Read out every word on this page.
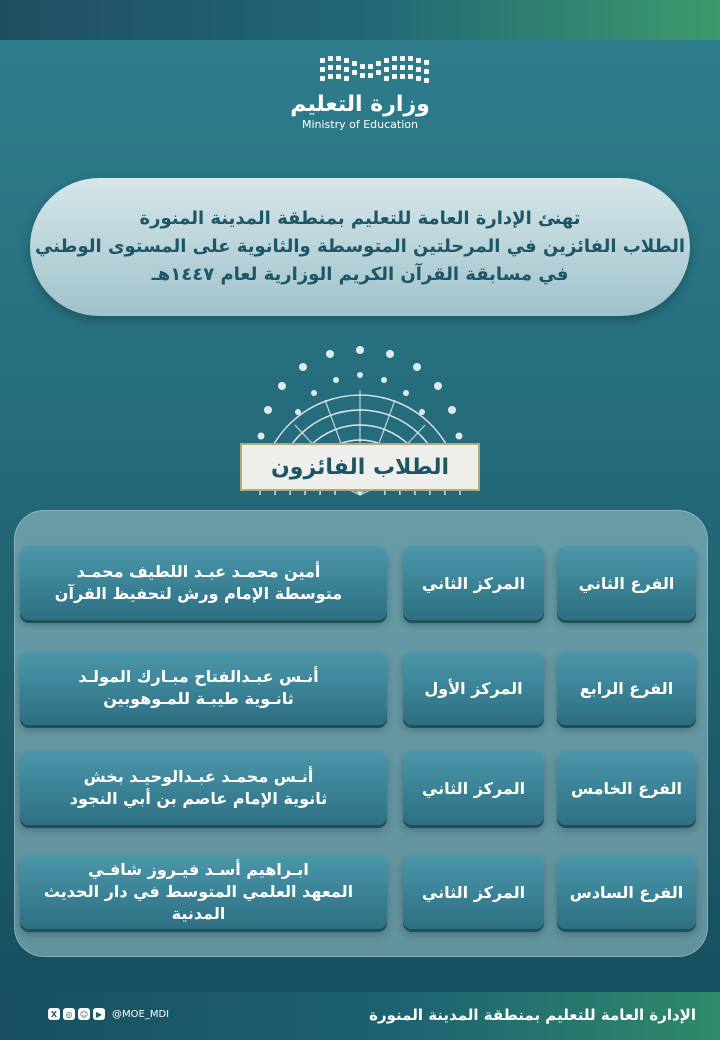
وزارة التعليم
Ministry of Education
تهنئ الإدارة العامة للتعليم بمنطقة المدينة المنورة
الطلاب الفائزين في المرحلتين المتوسطة والثانوية على المستوى الوطني
في مسابقة القرآن الكريم الوزارية لعام ١٤٤٧هـ
الطلاب الفائزون
الفرع الثاني
المركز الثاني
أمين محمـد عبـد اللطيف محمـد
متوسطة الإمام ورش لتحفيظ القرآن
الفرع الرابع
المركز الأول
أنـس عبـدالفتاح مبـارك المولـد
ثانـوية طيبـة للمـوهوبين
الفرع الخامس
المركز الثاني
أنـس محمـد عبـدالوحيـد بخش
ثانوية الإمام عاصم بن أبي النجود
الفرع السادس
المركز الثاني
ابـراهيم أسـد فيـروز شافـي
المعهد العلمي المتوسط في دار الحديث المدنية
الإدارة العامة للتعليم بمنطقة المدينة المنورة
X	◎ ☺ ▶ @MOE_MDI
